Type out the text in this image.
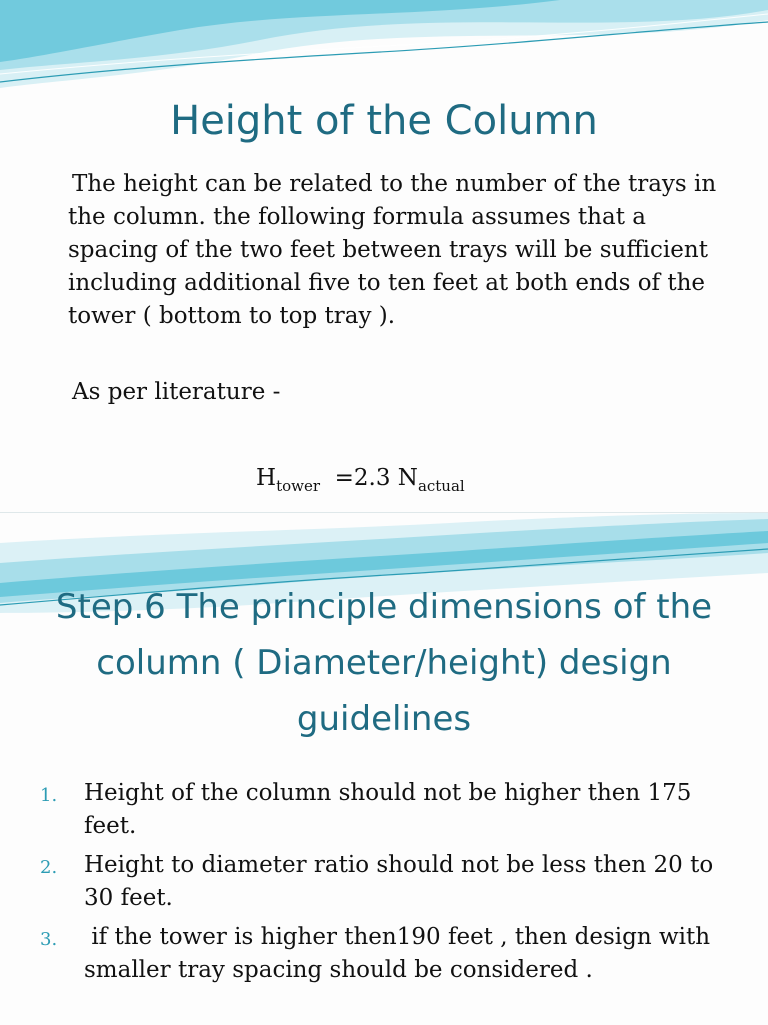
Height of the Column

The height can be related to the number of the trays in the column. the following formula assumes that a spacing of the two feet between trays will be sufficient including additional five to ten feet at both ends of the tower ( bottom to top tray ).

As per literature -

$H_{tower} =2.3$ $N_{actual}$

Step.6 The principle dimensions of the column ( Diameter/height) design guidelines
1. Height of the column should not be higher then 175 feet.
2. Height to diameter ratio should not be less then 20 to 30 feet.
3. if the tower is higher then190 feet , then design with smaller tray spacing should be considered .
